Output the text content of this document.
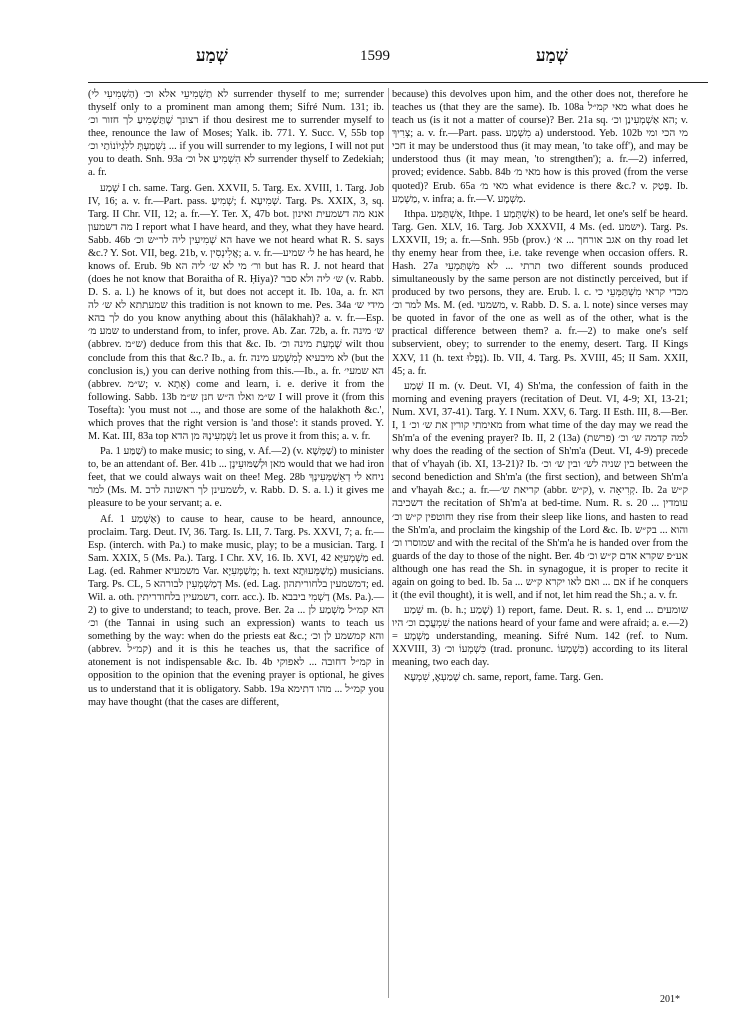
שְׁמַע	1599	שְׁמַע

לא תַשְׁמִיעֵי אלא וכ׳ (הַשְׁמִיעִי לי) surrender thyself to me; surrender thyself only to a prominent man among them; Sifré Num. 131; ib. רצונך שֶׁתַּשְׁמִיעַ לך חזור וכ׳ if thou desirest me to surrender myself to thee, renounce the law of Moses; Yalk. ib. 771. Y. Succ. V, 55b top נִשְׁמַעְתְּ ללִגְיוֹנוֹתַי וכ׳ ... if you will surrender to my legions, I will not put you to death. Snh. 93a לא הִשְׁמִיעַ אל וכ׳ surrender thyself to Zedekiah; a. fr.

שְׁמַע I ch. same. Targ. Gen. XXVII, 5. Targ. Ex. XVIII, 1. Targ. Job IV, 16; a. v. fr.—Part. pass. שְׁמִיעַ; f. שְׁמִיעָא. Targ. Ps. XXIX, 3, sq. Targ. II Chr. VII, 12; a. fr.—Y. Ter. X, 47b bot. אנא מה דשמעית ואינון מה דשמעון I report what I have heard, and they, what they have heard. Sabb. 46b הא שְׁמִיעִין ליה לר״ש וכ׳ have we not heard what R. S. says &c.? Y. Sot. VII, beg. 21b, v. אֲלִינְסִין; a. v. fr.—ל׳ שמיע he has heard, he knows of. Erub. 9b ור׳ מי לא ש׳ ליה הא but has R. J. not heard that (does he not know that Boraitha of R. Ḥiya)? ש׳ ליה ולא סבר (v. Rabb. D. S. a. l.) he knows of it, but does not accept it. Ib. 10a, a. fr. הא שמעתתא לא ש׳ לה this tradition is not known to me. Pes. 34a מידי ש׳ לך בהא do you know anything about this (hălakhah)? a. v. fr.—Esp. שמע מ׳ to understand from, to infer, prove. Ab. Zar. 72b, a. fr. ש׳ מינה (abbrev. ש״מ) deduce from this that &c. Ib. שָׁמְעַת מינה וכ׳ wilt thou conclude from this that &c.? Ib., a. fr. לא מיבעיא לְמִשְׁמַע מינה (but the conclusion is,) you can derive nothing from this.—Ib., a. fr. הא שמעי׳ (abbrev. ש״מ; v. אָתָא) come and learn, i. e. derive it from the following. Sabb. 13b ש״מ ואלו ה״ש חנן ש״מ I will prove it (from this Tosefta): 'you must not ..., and those are some of the halakhoth &c.', which proves that the right version is 'and those': it stands proved. Y. M. Kat. III, 83a top נִשְׁמְעִינָהּ מן הדא let us prove it from this; a. v. fr.

Pa. שַׁמַּע 1) to make music; to sing, v. Af.—2) (v. שַׁמְּשָׁא) to minister to, be an attendant of. Ber. 41b ... מאן וּלְשַׁמּוּעֵינָן would that we had iron feet, that we could always wait on thee! Meg. 28b ניחא לי דְאֵשַׁמְּעִינָךְ למר (Ms. M. לשמעינן לך ראשונה לרב, v. Rabb. D. S. a. l.) it gives me pleasure to be your servant; a. e.

Af. אַשְׁמַע 1) to cause to hear, cause to be heard, announce, proclaim. Targ. Deut. IV, 36. Targ. Is. LII, 7. Targ. Ps. XXVI, 7; a. fr.—Esp. (interch. with Pa.) to make music, play; to be a musician. Targ. I Sam. XXIX, 5 (Ms. Pa.). Targ. I Chr. XV, 16. Ib. XVI, 42 מַשְׁמְעִיָּא ed. Lag. (ed. Rahmer משמעיא Var. מְשַׁמְּעִיָא; h. text מְשַׁמְּעוּתָא) musicians. Targ. Ps. CL, 5 דְמַשְׁמְעִין לבורהא Ms. (ed. Lag. דמשמעין בלחוריתהון; ed. Wil. a. oth. דשמעיין בלחודריתין, corr. acc.). Ib. דַשְׁמִי ביבבא (Ms. Pa.).—2) to give to understand; to teach, prove. Ber. 2a ... הא קמ״ל מַשְׁמַע לן וכ׳ (the Tannai in using such an expression) wants to teach us something by the way: when do the priests eat &c.; והא קמשמע לן וכ׳ (abbrev. קמ״ל) and it is this he teaches us, that the sacrifice of atonement is not indispensable &c. Ib. 4b קמ״ל דחובה ... לאפוקי in opposition to the opinion that the evening prayer is optional, he gives us to understand that it is obligatory. Sabb. 19a קמ״ל ... מהו דתימא you may have thought (that the cases are different,

because) this devolves upon him, and the other does not, therefore he teaches us (that they are the same). Ib. 108a מאי קמ״ל what does he teach us (is it not a matter of course)? Ber. 21a sq. הא אַשְׁמְעִינַן וכ׳; v. צְרִיךְ; a. v. fr.—Part. pass. מִשְׁמַע a) understood. Yeb. 102b מי הכי ומי חכי it may be understood thus (it may mean, 'to take off'), and may be understood thus (it may mean, 'to strengthen'); a. fr.—2) inferred, proved; evidence. Sabb. 84b מאי מ׳ how is this proved (from the verse quoted)? Erub. 65a מאי מ׳ what evidence is there &c.? v. פָּטַק. Ib. מַשְׁמַע, v. infra; a. fr.—V. מַשְׁמָע.

Ithpa. אִשְׁתַּמַּע, Ithpe. אִשְׁתְּמַע 1) to be heard, let one's self be heard. Targ. Gen. XLV, 16. Targ. Job XXXVII, 4 Ms. (ed. ישמע). Targ. Ps. LXXVII, 19; a. fr.—Snh. 95b (prov.) אגב אורחך ... א׳ on thy road let thy enemy hear from thee, i.e. take revenge when occasion offers. R. Hash. 27a תרתי ... לא מִשְׁתַּמְעֵי two different sounds produced simultaneously by the same person are not distinctly perceived, but if produced by two persons, they are. Erub. l. c. מכדי קראי מִשְׁתַּמְּעֵי כי למר וכ׳ Ms. M. (ed. משמעי, v. Rabb. D. S. a. l. note) since verses may be quoted in favor of the one as well as of the other, what is the practical difference between them? a. fr.—2) to make one's self subservient, obey; to surrender to the enemy, desert. Targ. II Kings XXV, 11 (h. text נָפְלוּ). Ib. VII, 4. Targ. Ps. XVIII, 45; II Sam. XXII, 45; a. fr.

שְׁמַע II m. (v. Deut. VI, 4) Sh'ma, the confession of faith in the morning and evening prayers (recitation of Deut. VI, 4-9; XI, 13-21; Num. XVI, 37-41). Targ. Y. I Num. XXV, 6. Targ. II Esth. III, 8.—Ber. I, 1 מאימתי קורין את ש׳ וכ׳ from what time of the day may we read the Sh'm'a of the evening prayer? Ib. II, 2 (13a) למה קדמה ש׳ וכ׳ (פרשת) why does the reading of the section of Sh'm'a (Deut. VI, 4-9) precede that of v'hayah (ib. XI, 13-21)? Ib. בין שניה לש׳ ובין ש׳ וכ׳ between the second benediction and Sh'm'a (the first section), and between Sh'm'a and v'hayah &c.; a. fr.—קריאת ש׳ (abbr. ק״ש), v. קְרִיאָה. Ib. 2a ק״ש דשכיבה the recitation of Sh'm'a at bed-time. Num. R. s. 20 עומדין ... וחוטפין ק״ש וכ׳ they rise from their sleep like lions, and hasten to read the Sh'm'a, and proclaim the kingship of the Lord &c. Ib. והוא ... בק״ש שמוסרו וכ׳ and with the recital of the Sh'm'a he is handed over from the guards of the day to those of the night. Ber. 4b אע״פ שקרא אדם ק״ש וכ׳ although one has read the Sh. in synagogue, it is proper to recite it again on going to bed. Ib. 5a ... אם ... ואם לאו יקרא ק״ש if he conquers it (the evil thought), it is well, and if not, let him read the Sh.; a. v. fr.

שֵׁמַע m. (b. h.; שָׁמַע) 1) report, fame. Deut. R. s. 1, end ... שומעים שִׁמְעֲכֶם וכ׳ היו the nations heard of your fame and were afraid; a. e.—2) = מַשְׁמָע understanding, meaning. Sifré Num. 142 (ref. to Num. XXVIII, 3) כִּשְׁמְעוֹ וכ׳ (trad. pronunc. כִּשְׁמָעוֹ) according to its literal meaning, two each day.

שְׁמַעְאָ, שִׁמְעָא ch. same, report, fame. Targ. Gen.

201*
